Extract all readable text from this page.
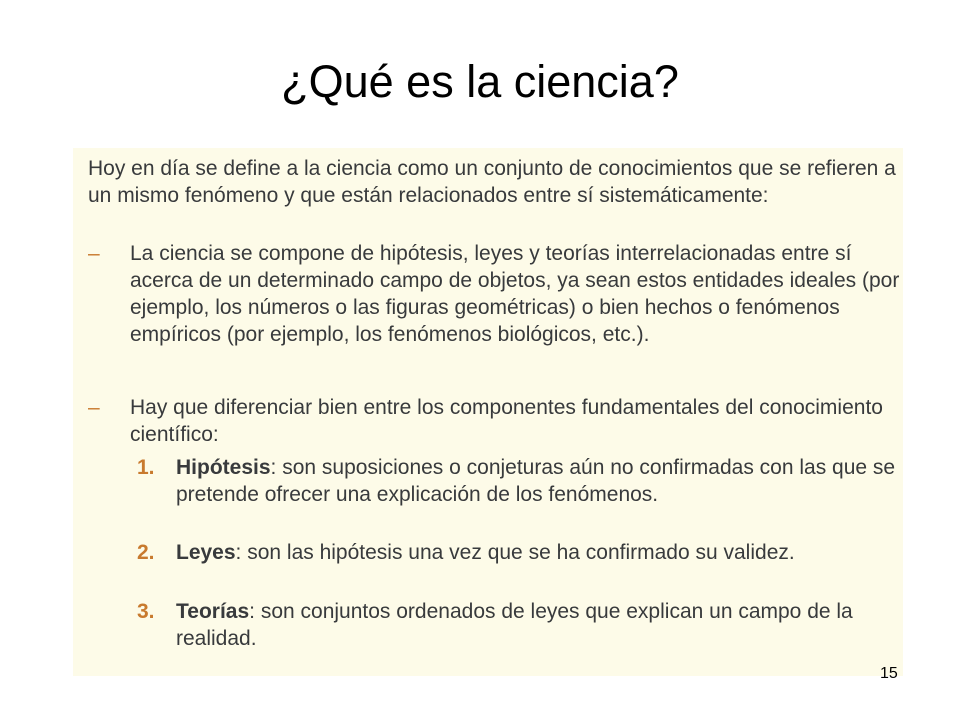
¿Qué es la ciencia?

Hoy en día se define a la ciencia como un conjunto de conocimientos que se refieren a un mismo fenómeno y que están relacionados entre sí sistemáticamente:

– La ciencia se compone de hipótesis, leyes y teorías interrelacionadas entre sí acerca de un determinado campo de objetos, ya sean estos entidades ideales (por ejemplo, los números o las figuras geométricas) o bien hechos o fenómenos empíricos (por ejemplo, los fenómenos biológicos, etc.).
– Hay que diferenciar bien entre los componentes fundamentales del conocimiento científico:
1. Hipótesis: son suposiciones o conjeturas aún no confirmadas con las que se pretende ofrecer una explicación de los fenómenos.
2. Leyes: son las hipótesis una vez que se ha confirmado su validez.
3. Teorías: son conjuntos ordenados de leyes que explican un campo de la realidad.
15
